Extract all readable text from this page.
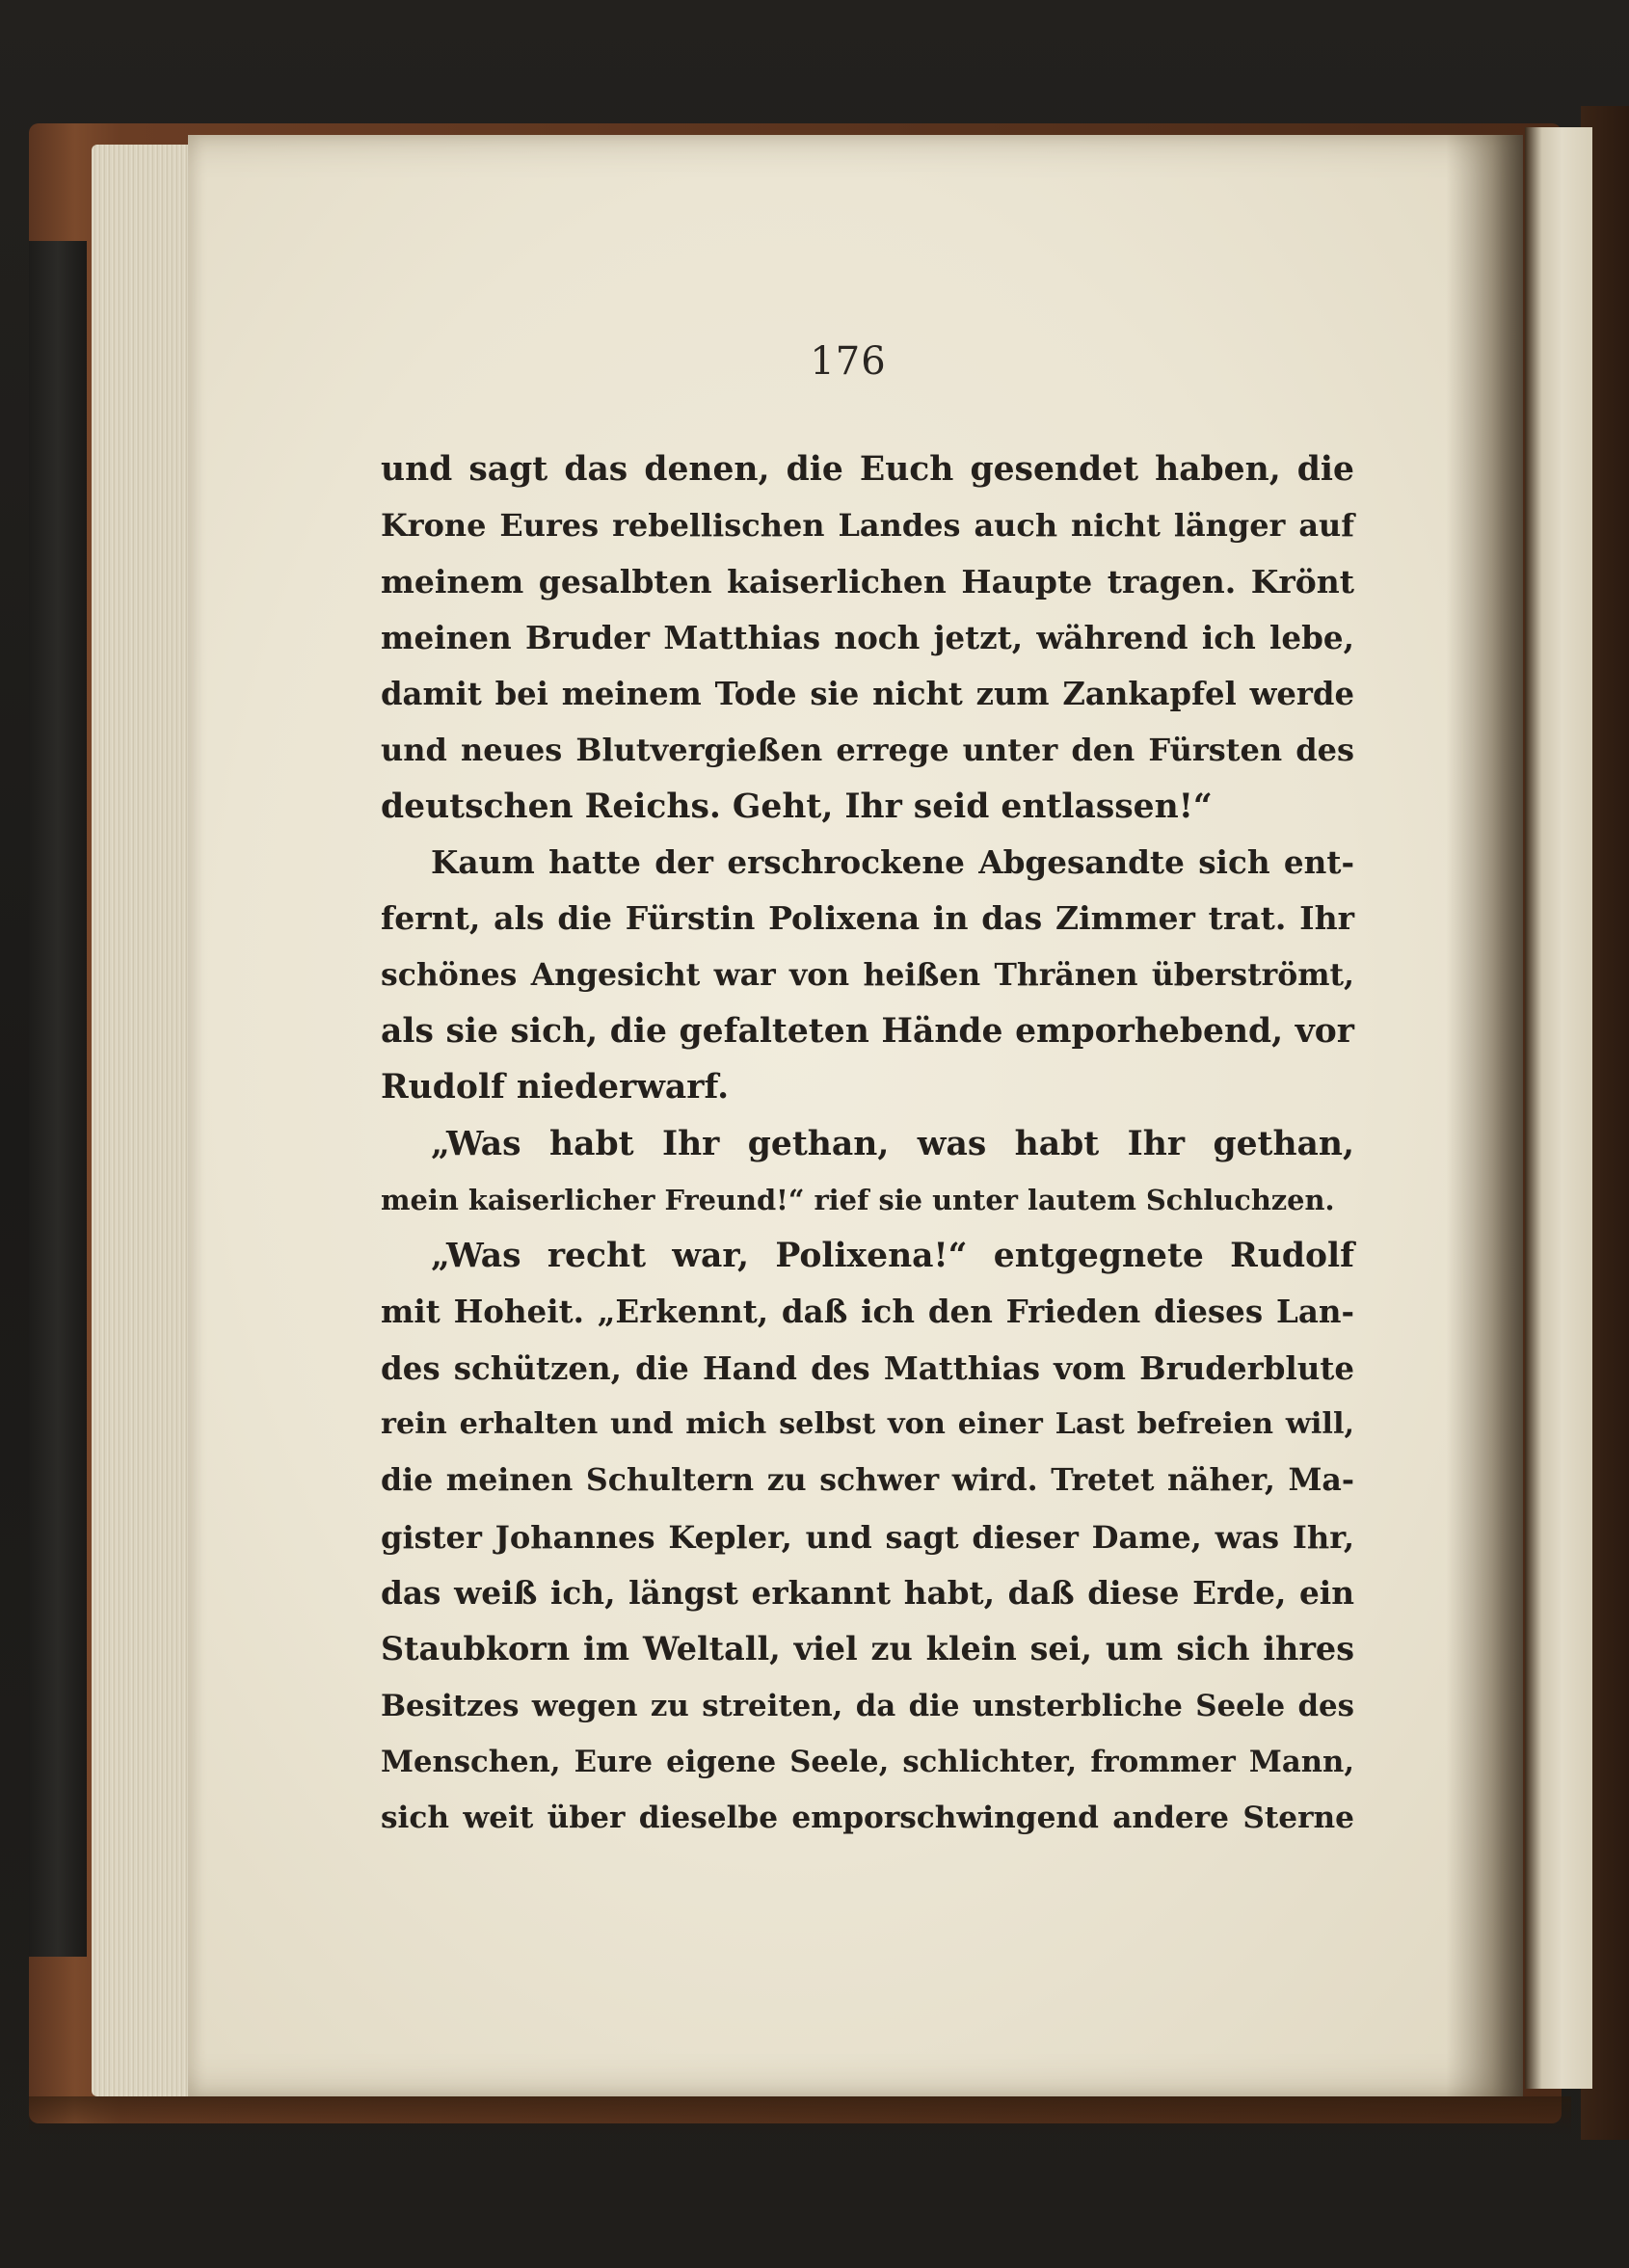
176
und sagt das denen, die Euch gesendet haben, die
Krone Eures rebellischen Landes auch nicht länger auf
meinem gesalbten kaiserlichen Haupte tragen. Krönt
meinen Bruder Matthias noch jetzt, während ich lebe,
damit bei meinem Tode sie nicht zum Zankapfel werde
und neues Blutvergießen errege unter den Fürsten des
deutschen Reichs. Geht, Ihr seid entlassen!“
Kaum hatte der erschrockene Abgesandte sich ent-
fernt, als die Fürstin Polixena in das Zimmer trat. Ihr
schönes Angesicht war von heißen Thränen überströmt,
als sie sich, die gefalteten Hände emporhebend, vor
Rudolf niederwarf.
„Was habt Ihr gethan, was habt Ihr gethan,
mein kaiserlicher Freund!“ rief sie unter lautem Schluchzen.
„Was recht war, Polixena!“ entgegnete Rudolf
mit Hoheit. „Erkennt, daß ich den Frieden dieses Lan-
des schützen, die Hand des Matthias vom Bruderblute
rein erhalten und mich selbst von einer Last befreien will,
die meinen Schultern zu schwer wird. Tretet näher, Ma-
gister Johannes Kepler, und sagt dieser Dame, was Ihr,
das weiß ich, längst erkannt habt, daß diese Erde, ein
Staubkorn im Weltall, viel zu klein sei, um sich ihres
Besitzes wegen zu streiten, da die unsterbliche Seele des
Menschen, Eure eigene Seele, schlichter, frommer Mann,
sich weit über dieselbe emporschwingend andere Sterne
